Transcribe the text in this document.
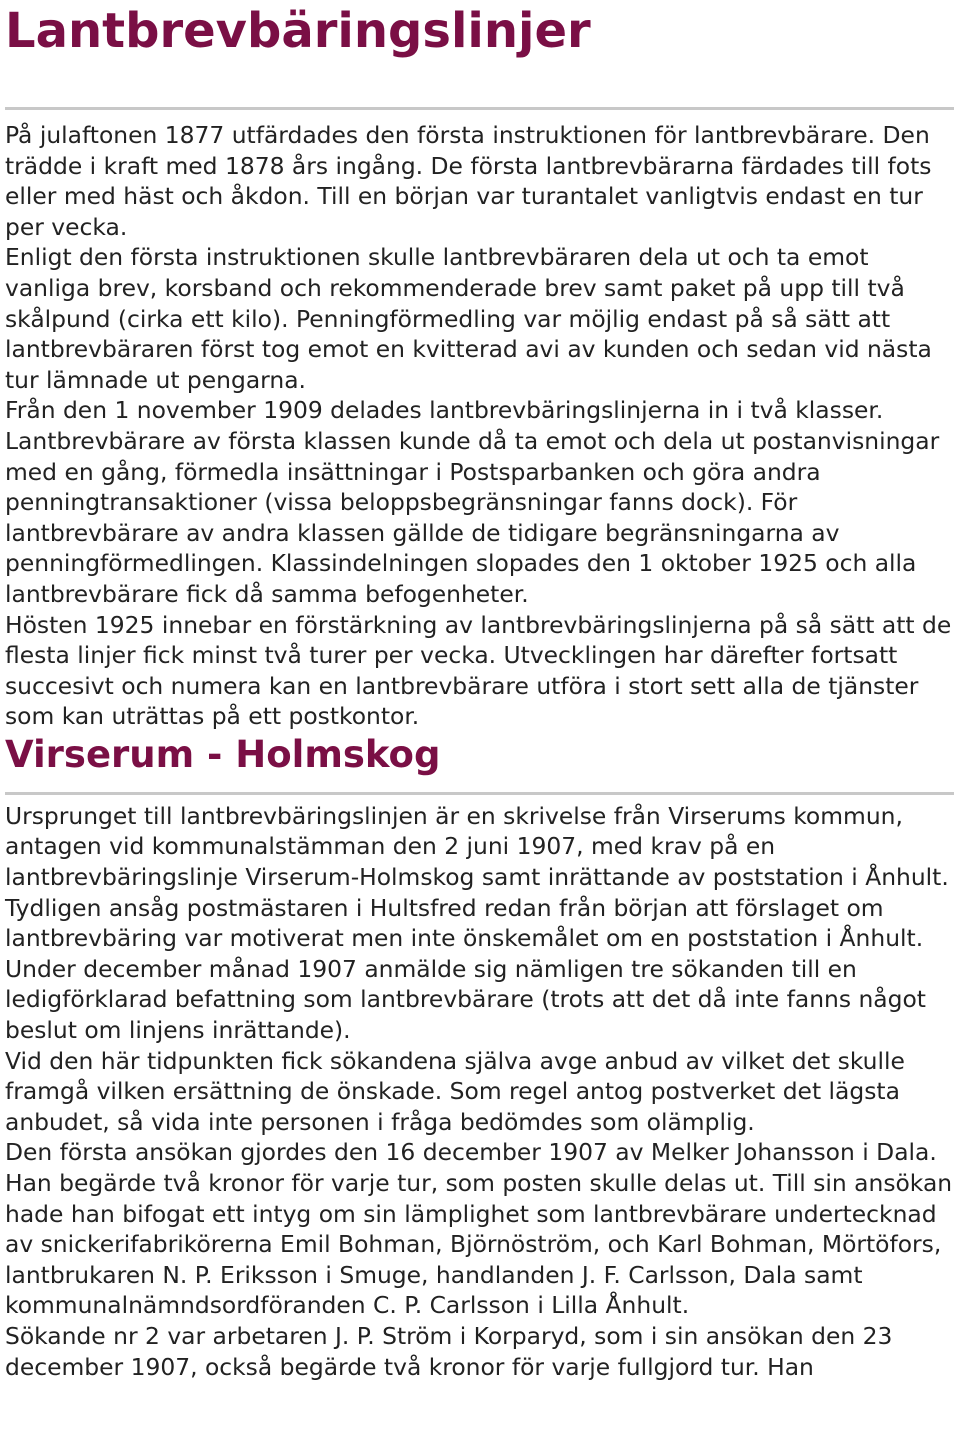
Lantbrevbäringslinjer

På julaftonen 1877 utfärdades den första instruktionen för lantbrevbärare. Den trädde i kraft med 1878 års ingång. De första lantbrevbärarna färdades till fots eller med häst och åkdon. Till en början var turantalet vanligtvis endast en tur per vecka.

Enligt den första instruktionen skulle lantbrevbäraren dela ut och ta emot vanliga brev, korsband och rekommenderade brev samt paket på upp till två skålpund (cirka ett kilo). Penningförmedling var möjlig endast på så sätt att lantbrevbäraren först tog emot en kvitterad avi av kunden och sedan vid nästa tur lämnade ut pengarna.

Från den 1 november 1909 delades lantbrevbäringslinjerna in i två klasser. Lantbrevbärare av första klassen kunde då ta emot och dela ut postanvisningar med en gång, förmedla insättningar i Postsparbanken och göra andra penningtransaktioner (vissa beloppsbegränsningar fanns dock). För lantbrevbärare av andra klassen gällde de tidigare begränsningarna av penningförmedlingen. Klassindelningen slopades den 1 oktober 1925 och alla lantbrevbärare fick då samma befogenheter.

Hösten 1925 innebar en förstärkning av lantbrevbäringslinjerna på så sätt att de flesta linjer fick minst två turer per vecka. Utvecklingen har därefter fortsatt succesivt och numera kan en lantbrevbärare utföra i stort sett alla de tjänster som kan uträttas på ett postkontor.

Virserum - Holmskog

Ursprunget till lantbrevbäringslinjen är en skrivelse från Virserums kommun, antagen vid kommunalstämman den 2 juni 1907, med krav på en lantbrevbäringslinje Virserum-Holmskog samt inrättande av poststation i Ånhult.

Tydligen ansåg postmästaren i Hultsfred redan från början att förslaget om lantbrevbäring var motiverat men inte önskemålet om en poststation i Ånhult. Under december månad 1907 anmälde sig nämligen tre sökanden till en ledigförklarad befattning som lantbrevbärare (trots att det då inte fanns något beslut om linjens inrättande).

Vid den här tidpunkten fick sökandena själva avge anbud av vilket det skulle framgå vilken ersättning de önskade. Som regel antog postverket det lägsta anbudet, så vida inte personen i fråga bedömdes som olämplig.

Den första ansökan gjordes den 16 december 1907 av Melker Johansson i Dala. Han begärde två kronor för varje tur, som posten skulle delas ut. Till sin ansökan hade han bifogat ett intyg om sin lämplighet som lantbrevbärare undertecknad av snickerifabrikörerna Emil Bohman, Björnöström, och Karl Bohman, Mörtöfors, lantbrukaren N. P. Eriksson i Smuge, handlanden J. F. Carlsson, Dala samt kommunalnämndsordföranden C. P. Carlsson i Lilla Ånhult.

Sökande nr 2 var arbetaren J. P. Ström i Korparyd, som i sin ansökan den 23 december 1907, också begärde två kronor för varje fullgjord tur. Han
